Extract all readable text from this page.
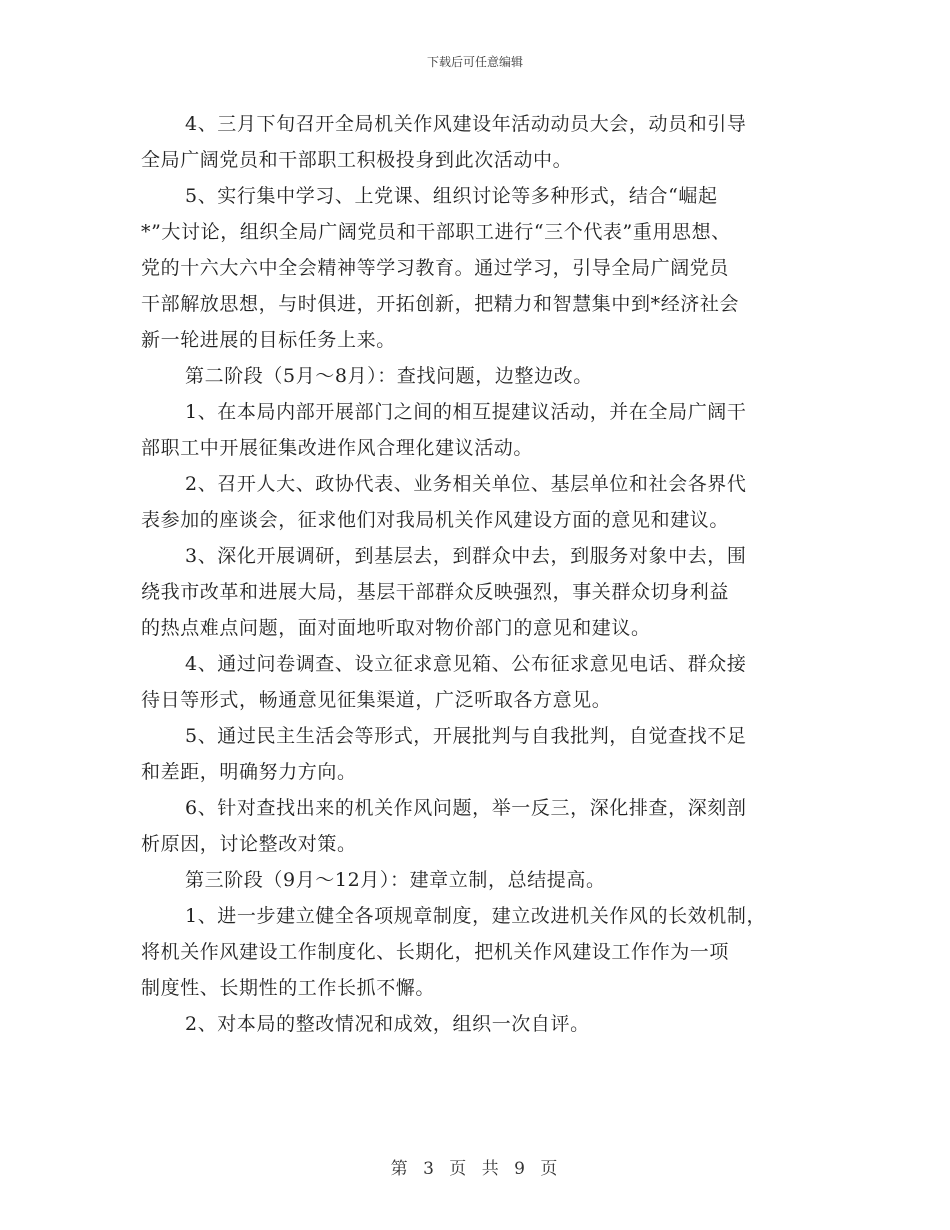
下载后可任意编辑
4、三月下旬召开全局机关作风建设年活动动员大会，动员和引导
全局广阔党员和干部职工积极投身到此次活动中。
5、实行集中学习、上党课、组织讨论等多种形式，结合“崛起
*”大讨论，组织全局广阔党员和干部职工进行“三个代表”重用思想、
党的十六大六中全会精神等学习教育。通过学习，引导全局广阔党员
干部解放思想，与时俱进，开拓创新，把精力和智慧集中到*经济社会
新一轮进展的目标任务上来。
第二阶段（5月～8月）：查找问题，边整边改。
1、在本局内部开展部门之间的相互提建议活动，并在全局广阔干
部职工中开展征集改进作风合理化建议活动。
2、召开人大、政协代表、业务相关单位、基层单位和社会各界代
表参加的座谈会，征求他们对我局机关作风建设方面的意见和建议。
3、深化开展调研，到基层去，到群众中去，到服务对象中去，围
绕我市改革和进展大局，基层干部群众反映强烈，事关群众切身利益
的热点难点问题，面对面地听取对物价部门的意见和建议。
4、通过问卷调查、设立征求意见箱、公布征求意见电话、群众接
待日等形式，畅通意见征集渠道，广泛听取各方意见。
5、通过民主生活会等形式，开展批判与自我批判，自觉查找不足
和差距，明确努力方向。
6、针对查找出来的机关作风问题，举一反三，深化排查，深刻剖
析原因，讨论整改对策。
第三阶段（9月～12月）：建章立制，总结提高。
1、进一步建立健全各项规章制度，建立改进机关作风的长效机制，
将机关作风建设工作制度化、长期化，把机关作风建设工作作为一项
制度性、长期性的工作长抓不懈。
2、对本局的整改情况和成效，组织一次自评。
第 3 页 共 9 页
